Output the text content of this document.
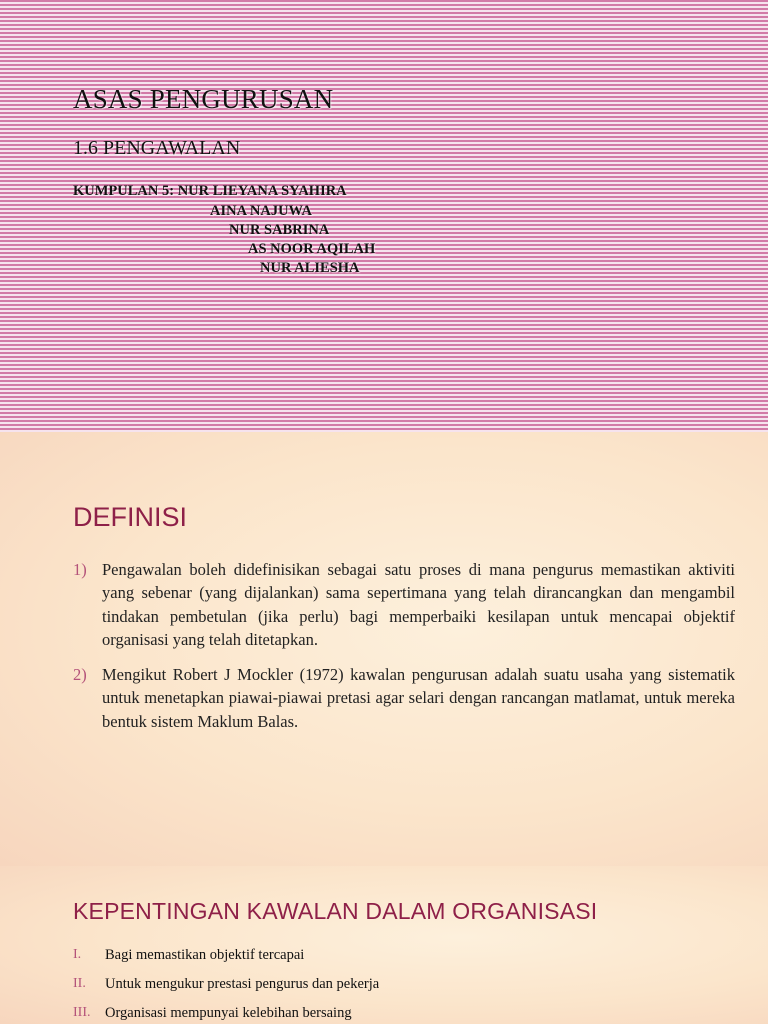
ASAS PENGURUSAN
1.6 PENGAWALAN
KUMPULAN 5: NUR LIEYANA SYAHIRA
AINA NAJUWA
NUR SABRINA
AS NOOR AQILAH
NUR ALIESHA
DEFINISI
1) Pengawalan boleh didefinisikan sebagai satu proses di mana pengurus memastikan aktiviti yang sebenar (yang dijalankan) sama sepertimana yang telah dirancangkan dan mengambil tindakan pembetulan (jika perlu) bagi memperbaiki kesilapan untuk mencapai objektif organisasi yang telah ditetapkan.
2) Mengikut Robert J Mockler (1972) kawalan pengurusan adalah suatu usaha yang sistematik untuk menetapkan piawai-piawai pretasi agar selari dengan rancangan matlamat, untuk mereka bentuk sistem Maklum Balas.
KEPENTINGAN KAWALAN DALAM ORGANISASI
I.	Bagi memastikan objektif tercapai
II.	Untuk mengukur prestasi pengurus dan pekerja
III.	Organisasi mempunyai kelebihan bersaing
